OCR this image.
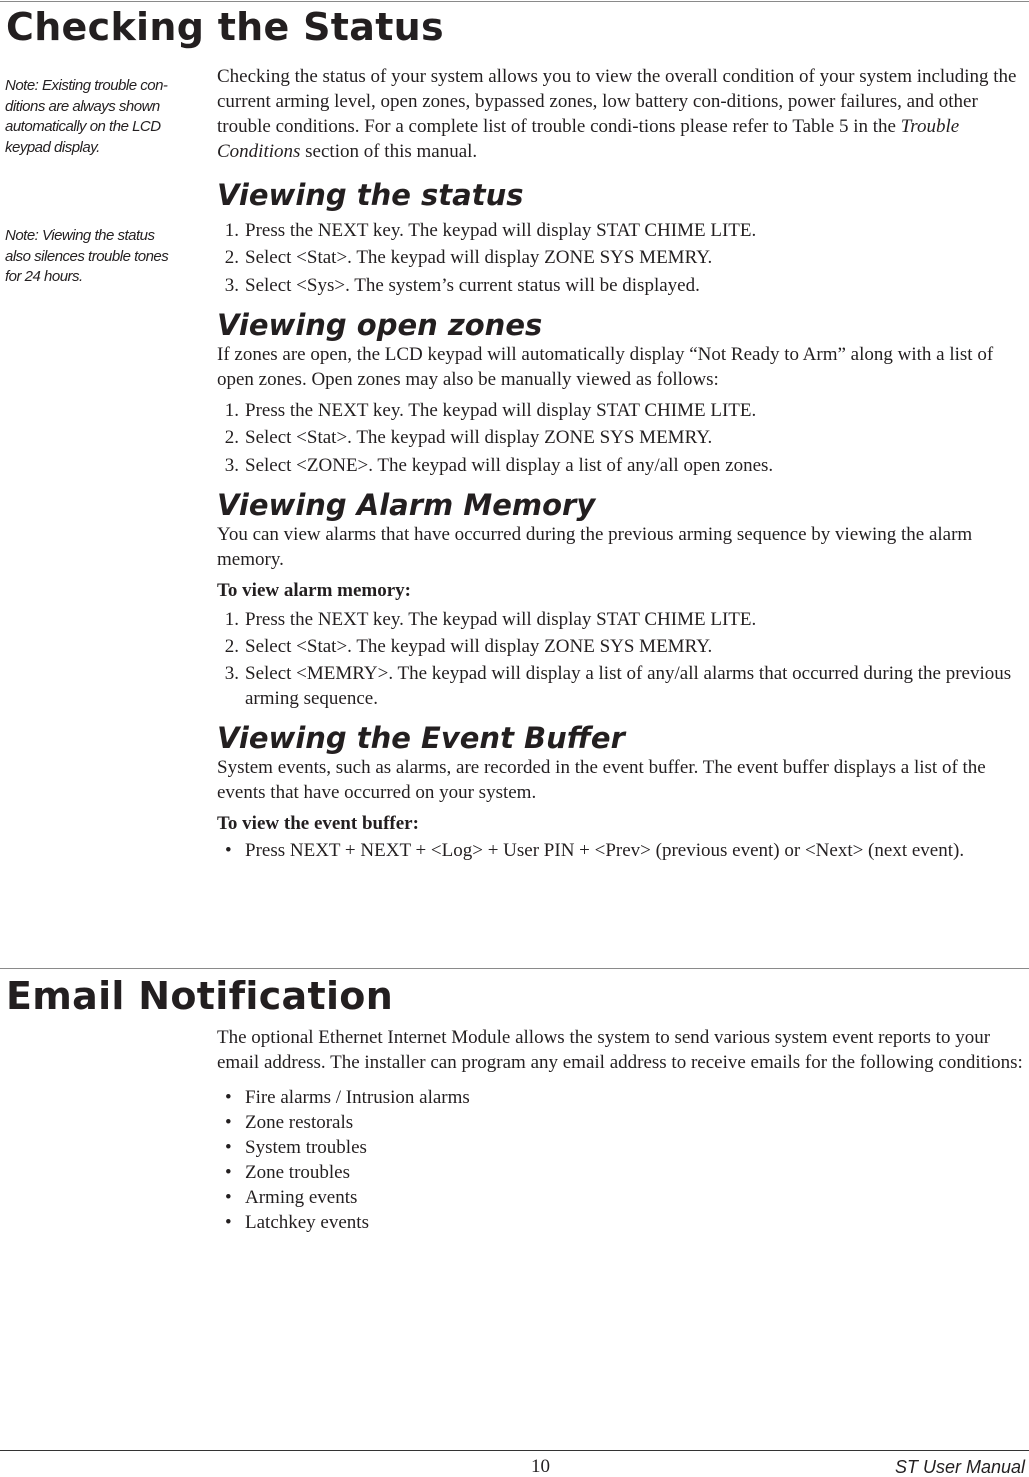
Checking the Status
Note: Existing trouble con-ditions are always shown automatically on the LCD keypad display.
Note: Viewing the status also silences trouble tones for 24 hours.

Checking the status of your system allows you to view the overall condition of your system including the current arming level, open zones, bypassed zones, low battery con-ditions, power failures, and other trouble conditions. For a complete list of trouble condi-tions please refer to Table 5 in the Trouble Conditions section of this manual.

Viewing the status
1. Press the NEXT key. The keypad will display STAT CHIME LITE.
2. Select <Stat>. The keypad will display ZONE SYS MEMRY.
3. Select <Sys>. The system’s current status will be displayed.
Viewing open zones

If zones are open, the LCD keypad will automatically display “Not Ready to Arm” along with a list of open zones. Open zones may also be manually viewed as follows:

1. Press the NEXT key. The keypad will display STAT CHIME LITE.
2. Select <Stat>. The keypad will display ZONE SYS MEMRY.
3. Select <ZONE>. The keypad will display a list of any/all open zones.
Viewing Alarm Memory

You can view alarms that have occurred during the previous arming sequence by viewing the alarm memory.

To view alarm memory:

1. Press the NEXT key. The keypad will display STAT CHIME LITE.
2. Select <Stat>. The keypad will display ZONE SYS MEMRY.
3. Select <MEMRY>. The keypad will display a list of any/all alarms that occurred during the previous arming sequence.
Viewing the Event Buffer

System events, such as alarms, are recorded in the event buffer. The event buffer displays a list of the events that have occurred on your system.

To view the event buffer:

• Press NEXT + NEXT + <Log> + User PIN + <Prev> (previous event) or <Next> (next event).
Email Notification

The optional Ethernet Internet Module allows the system to send various system event reports to your email address. The installer can program any email address to receive emails for the following conditions:

• Fire alarms / Intrusion alarms
• Zone restorals
• System troubles
• Zone troubles
• Arming events
• Latchkey events
10	ST User Manual
